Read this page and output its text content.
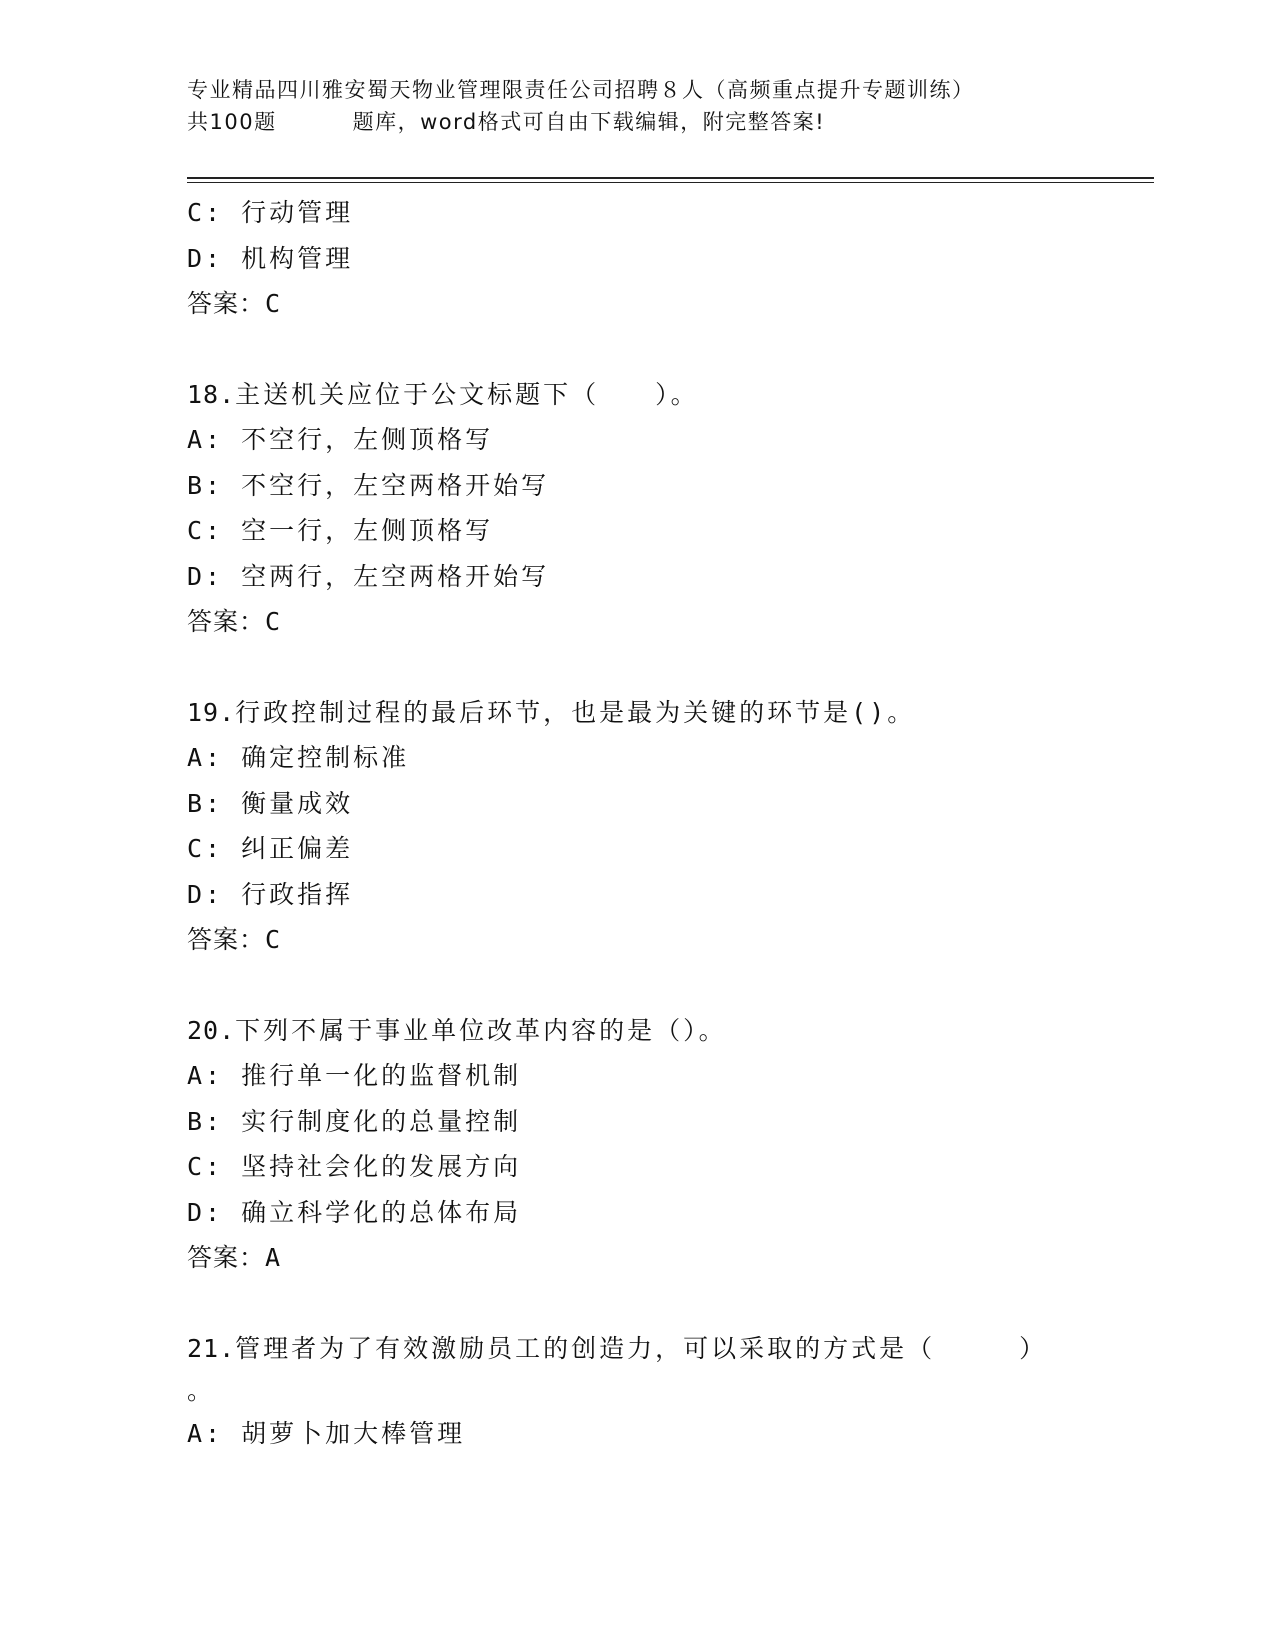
专业精品四川雅安蜀天物业管理限责任公司招聘８人（高频重点提升专题训练）
共100题	题库，word格式可自由下载编辑，附完整答案!
C: 行动管理
D: 机构管理
答案：C
18.主送机关应位于公文标题下（　　）。
A: 不空行，左侧顶格写
B: 不空行，左空两格开始写
C: 空一行，左侧顶格写
D: 空两行，左空两格开始写
答案：C
19.行政控制过程的最后环节，也是最为关键的环节是()。
A: 确定控制标准
B: 衡量成效
C: 纠正偏差
D: 行政指挥
答案：C
20.下列不属于事业单位改革内容的是（）。
A: 推行单一化的监督机制
B: 实行制度化的总量控制
C: 坚持社会化的发展方向
D: 确立科学化的总体布局
答案：A
21.管理者为了有效激励员工的创造力，可以采取的方式是（　　　）
。
A: 胡萝卜加大棒管理
